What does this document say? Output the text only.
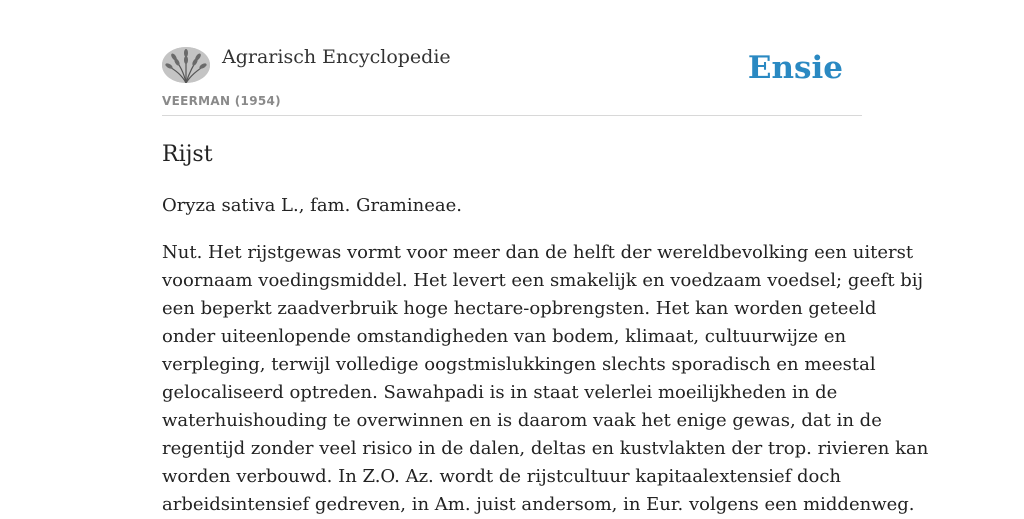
Agrarisch Encyclopedie
VEERMAN (1954)
Ensie
Rijst

Oryza sativa L., fam. Gramineae.

Nut. Het rijstgewas vormt voor meer dan de helft der wereldbevolking een uiterst
voornaam voedingsmiddel. Het levert een smakelijk en voedzaam voedsel; geeft bij
een beperkt zaadverbruik hoge hectare-opbrengsten. Het kan worden geteeld
onder uiteenlopende omstandigheden van bodem, klimaat, cultuurwijze en
verpleging, terwijl volledige oogstmislukkingen slechts sporadisch en meestal
gelocaliseerd optreden. Sawahpadi is in staat velerlei moeilijkheden in de
waterhuishouding te overwinnen en is daarom vaak het enige gewas, dat in de
regentijd zonder veel risico in de dalen, deltas en kustvlakten der trop. rivieren kan
worden verbouwd. In Z.O. Az. wordt de rijstcultuur kapitaalextensief doch
arbeidsintensief gedreven, in Am. juist andersom, in Eur. volgens een middenweg.
